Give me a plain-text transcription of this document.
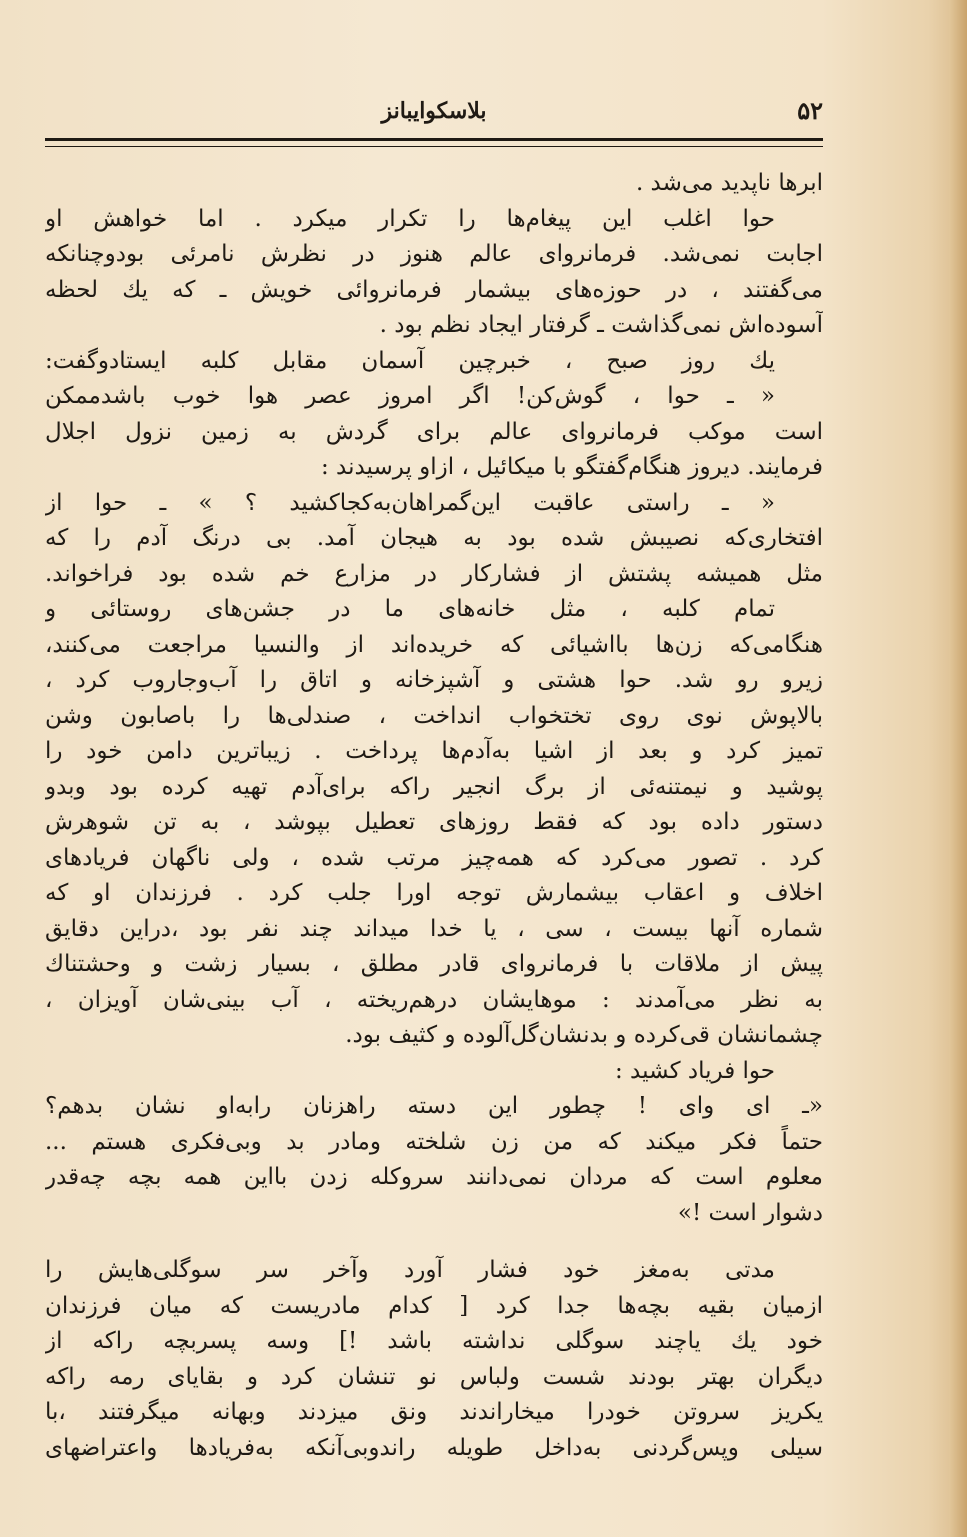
۵۲
بلاسکوایبانز
ابرها ناپدید می‌شد .
حوا اغلب این پیغام‌ها را تکرار میکرد . اما خواهش او
اجابت نمی‌شد. فرمانروای عالم هنوز در نظرش نامرئی بودوچنانکه
می‌گفتند ، در حوزه‌های بیشمار فرمانروائی خویش ـ که یك لحظه
آسوده‌اش نمی‌گذاشت ـ گرفتار ایجاد نظم بود .
یك روز صبح ، خبرچین آسمان مقابل کلبه ایستادوگفت:
« ـ حوا ، گوش‌کن! اگر امروز عصر هوا خوب باشدممکن
است موکب فرمانروای عالم برای گردش به زمین نزول اجلال
فرمایند. دیروز هنگام‌گفتگو با میکائیل ، ازاو پرسیدند :
« ـ راستی عاقبت این‌گمراهان‌به‌کجاکشید ؟ » ـ حوا از
افتخاری‌که نصیبش شده بود به هیجان آمد. بی درنگ آدم را که
مثل همیشه پشتش از فشارکار در مزارع خم شده بود فراخواند.
تمام کلبه ، مثل خانه‌های ما در جشن‌های روستائی و
هنگامی‌که زن‌ها بااشیائی که خریده‌اند از والنسیا مراجعت می‌کنند،
زیرو رو شد. حوا هشتی و آشپزخانه و اتاق را آب‌وجاروب کرد ،
بالاپوش نوی روی تختخواب انداخت ، صندلی‌ها را باصابون وشن
تمیز کرد و بعد از اشیا به‌آدم‌ها پرداخت . زیباترین دامن خود را
پوشید و نیمتنه‌ئی از برگ انجیر راکه برای‌آدم تهیه کرده بود وبدو
دستور داده بود که فقط روزهای تعطیل بپوشد ، به تن شوهرش
کرد . تصور می‌کرد که همه‌چیز مرتب شده ، ولی ناگهان فریادهای
اخلاف و اعقاب بیشمارش توجه اورا جلب کرد . فرزندان او که
شماره آنها بیست ، سی ، یا خدا میداند چند نفر بود ،دراین دقایق
پیش از ملاقات با فرمانروای قادر مطلق ، بسیار زشت و وحشتناك
به نظر می‌آمدند : موهایشان درهم‌ریخته ، آب بینی‌شان آویزان ،
چشمانشان قی‌کرده و بدنشان‌گل‌آلوده و کثیف بود.
حوا فریاد کشید :
«ـ ای وای ! چطور این دسته راهزنان رابه‌او نشان بدهم؟
حتماً فکر میکند که من زن شلخته ومادر بد وبی‌فکری هستم ...
معلوم است که مردان نمی‌دانند سروکله زدن بااین همه بچه چه‌قدر
دشوار است !»
مدتی به‌مغز خود فشار آورد وآخر سر سوگلی‌هایش را
ازمیان بقیه بچه‌ها جدا کرد [ کدام مادریست که میان فرزندان
خود یك یاچند سوگلی نداشته باشد !] وسه پسربچه راکه از
دیگران بهتر بودند شست ولباس نو تنشان کرد و بقایای رمه راکه
یکریز سروتن خودرا میخاراندند ونق میزدند وبهانه میگرفتند ،با
سیلی وپس‌گردنی به‌داخل طویله راندوبی‌آنکه به‌فریادها واعتراضهای
